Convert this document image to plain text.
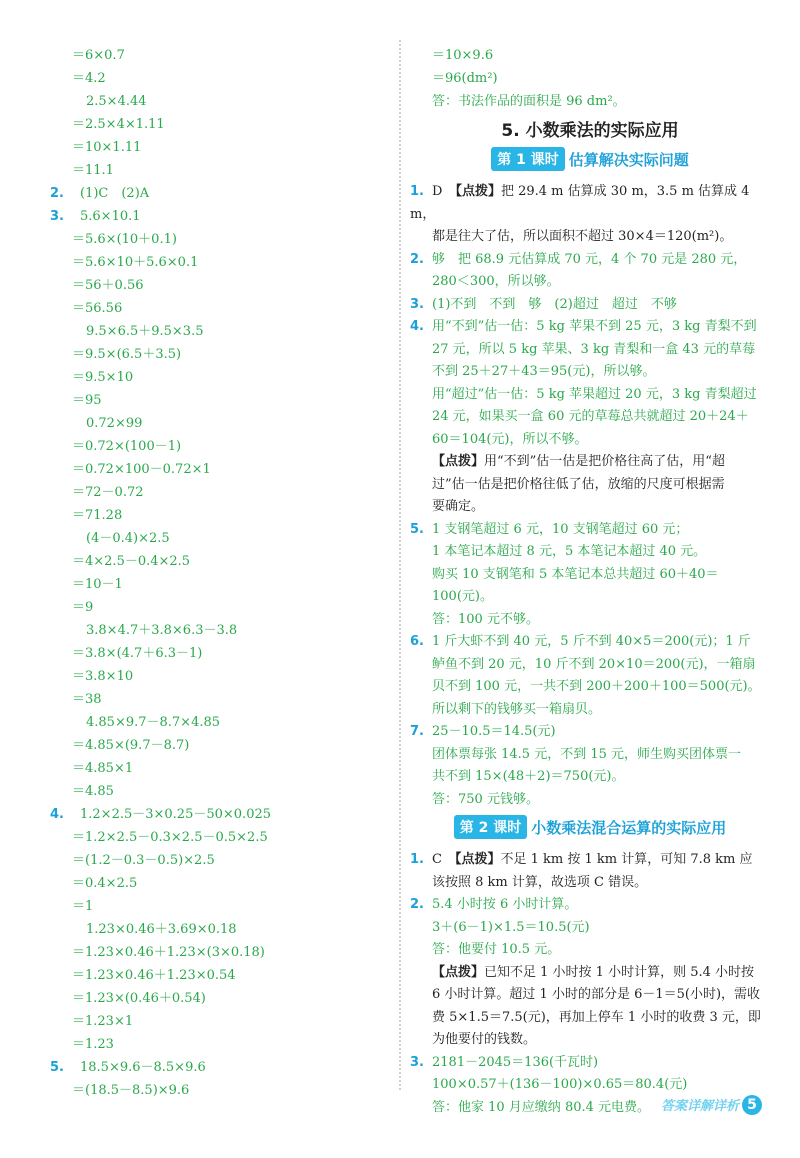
＝6×0.7
＝4.2
2.5×4.44
＝2.5×4×1.11
＝10×1.11
＝11.1
2. (1)C　(2)A
3. 5.6×10.1
＝5.6×(10＋0.1)
＝5.6×10＋5.6×0.1
＝56＋0.56
＝56.56
9.5×6.5＋9.5×3.5
＝9.5×(6.5＋3.5)
＝9.5×10
＝95
0.72×99
＝0.72×(100－1)
＝0.72×100－0.72×1
＝72－0.72
＝71.28
(4－0.4)×2.5
＝4×2.5－0.4×2.5
＝10－1
＝9
3.8×4.7＋3.8×6.3－3.8
＝3.8×(4.7＋6.3－1)
＝3.8×10
＝38
4.85×9.7－8.7×4.85
＝4.85×(9.7－8.7)
＝4.85×1
＝4.85
4. 1.2×2.5－3×0.25－50×0.025
＝1.2×2.5－0.3×2.5－0.5×2.5
＝(1.2－0.3－0.5)×2.5
＝0.4×2.5
＝1
1.23×0.46＋3.69×0.18
＝1.23×0.46＋1.23×(3×0.18)
＝1.23×0.46＋1.23×0.54
＝1.23×(0.46＋0.54)
＝1.23×1
＝1.23
5. 18.5×9.6－8.5×9.6
＝(18.5－8.5)×9.6
＝10×9.6
＝96(dm²)
答：书法作品的面积是 96 dm²。
5. 小数乘法的实际应用
第 1 课时 估算解决实际问题

1. D　 【点拨】把 29.4 m 估算成 30 m，3.5 m 估算成 4 m，
都是往大了估，所以面积不超过 30×4＝120(m²)。

2. 够　把 68.9 元估算成 70 元，4 个 70 元是 280 元，
280＜300，所以够。

3. (1)不到　不到　够　(2)超过　超过　不够

4. 用“不到”估一估：5 kg 苹果不到 25 元，3 kg 青梨不到
27 元，所以 5 kg 苹果、3 kg 青梨和一盒 43 元的草莓
不到 25＋27＋43＝95(元)，所以够。
用“超过”估一估：5 kg 苹果超过 20 元，3 kg 青梨超过
24 元，如果买一盒 60 元的草莓总共就超过 20＋24＋
60＝104(元)，所以不够。

【点拨】用“不到”估一估是把价格往高了估，用“超
过”估一估是把价格往低了估，放缩的尺度可根据需
要确定。

5. 1 支钢笔超过 6 元，10 支钢笔超过 60 元；
1 本笔记本超过 8 元，5 本笔记本超过 40 元。
购买 10 支钢笔和 5 本笔记本总共超过 60＋40＝100(元)。
答：100 元不够。

6. 1 斤大虾不到 40 元，5 斤不到 40×5＝200(元)；1 斤
鲈鱼不到 20 元，10 斤不到 20×10＝200(元)，一箱扇
贝不到 100 元，一共不到 200＋200＋100＝500(元)。
所以剩下的钱够买一箱扇贝。

7. 25－10.5＝14.5(元)
团体票每张 14.5 元，不到 15 元，师生购买团体票一
共不到 15×(48＋2)＝750(元)。
答：750 元钱够。

第 2 课时 小数乘法混合运算的实际应用

1. C　 【点拨】不足 1 km 按 1 km 计算，可知 7.8 km 应
该按照 8 km 计算，故选项 C 错误。

2. 5.4 小时按 6 小时计算。
3＋(6－1)×1.5＝10.5(元)
答：他要付 10.5 元。

【点拨】已知不足 1 小时按 1 小时计算，则 5.4 小时按
6 小时计算。超过 1 小时的部分是 6－1＝5(小时)，需收
费 5×1.5＝7.5(元)，再加上停车 1 小时的收费 3 元，即
为他要付的钱数。

3. 2181－2045＝136(千瓦时)
100×0.57＋(136－100)×0.65＝80.4(元)
答：他家 10 月应缴纳 80.4 元电费。 答案详解详析 5
